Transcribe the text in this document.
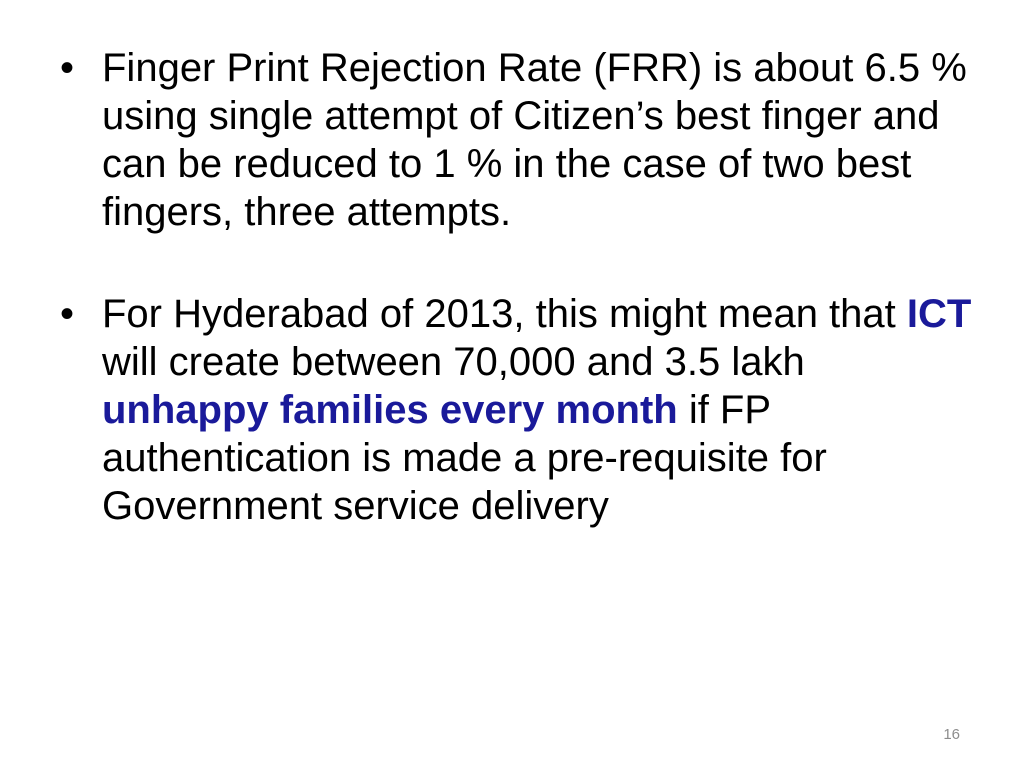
• Finger Print Rejection Rate (FRR) is about 6.5 % using single attempt of Citizen’s best finger and can be reduced to 1 % in the case of two best fingers, three attempts.
• For Hyderabad of 2013, this might mean that ICT will create between 70,000 and 3.5 lakh unhappy families every month if FP authentication is made a pre-requisite for Government service delivery
16
